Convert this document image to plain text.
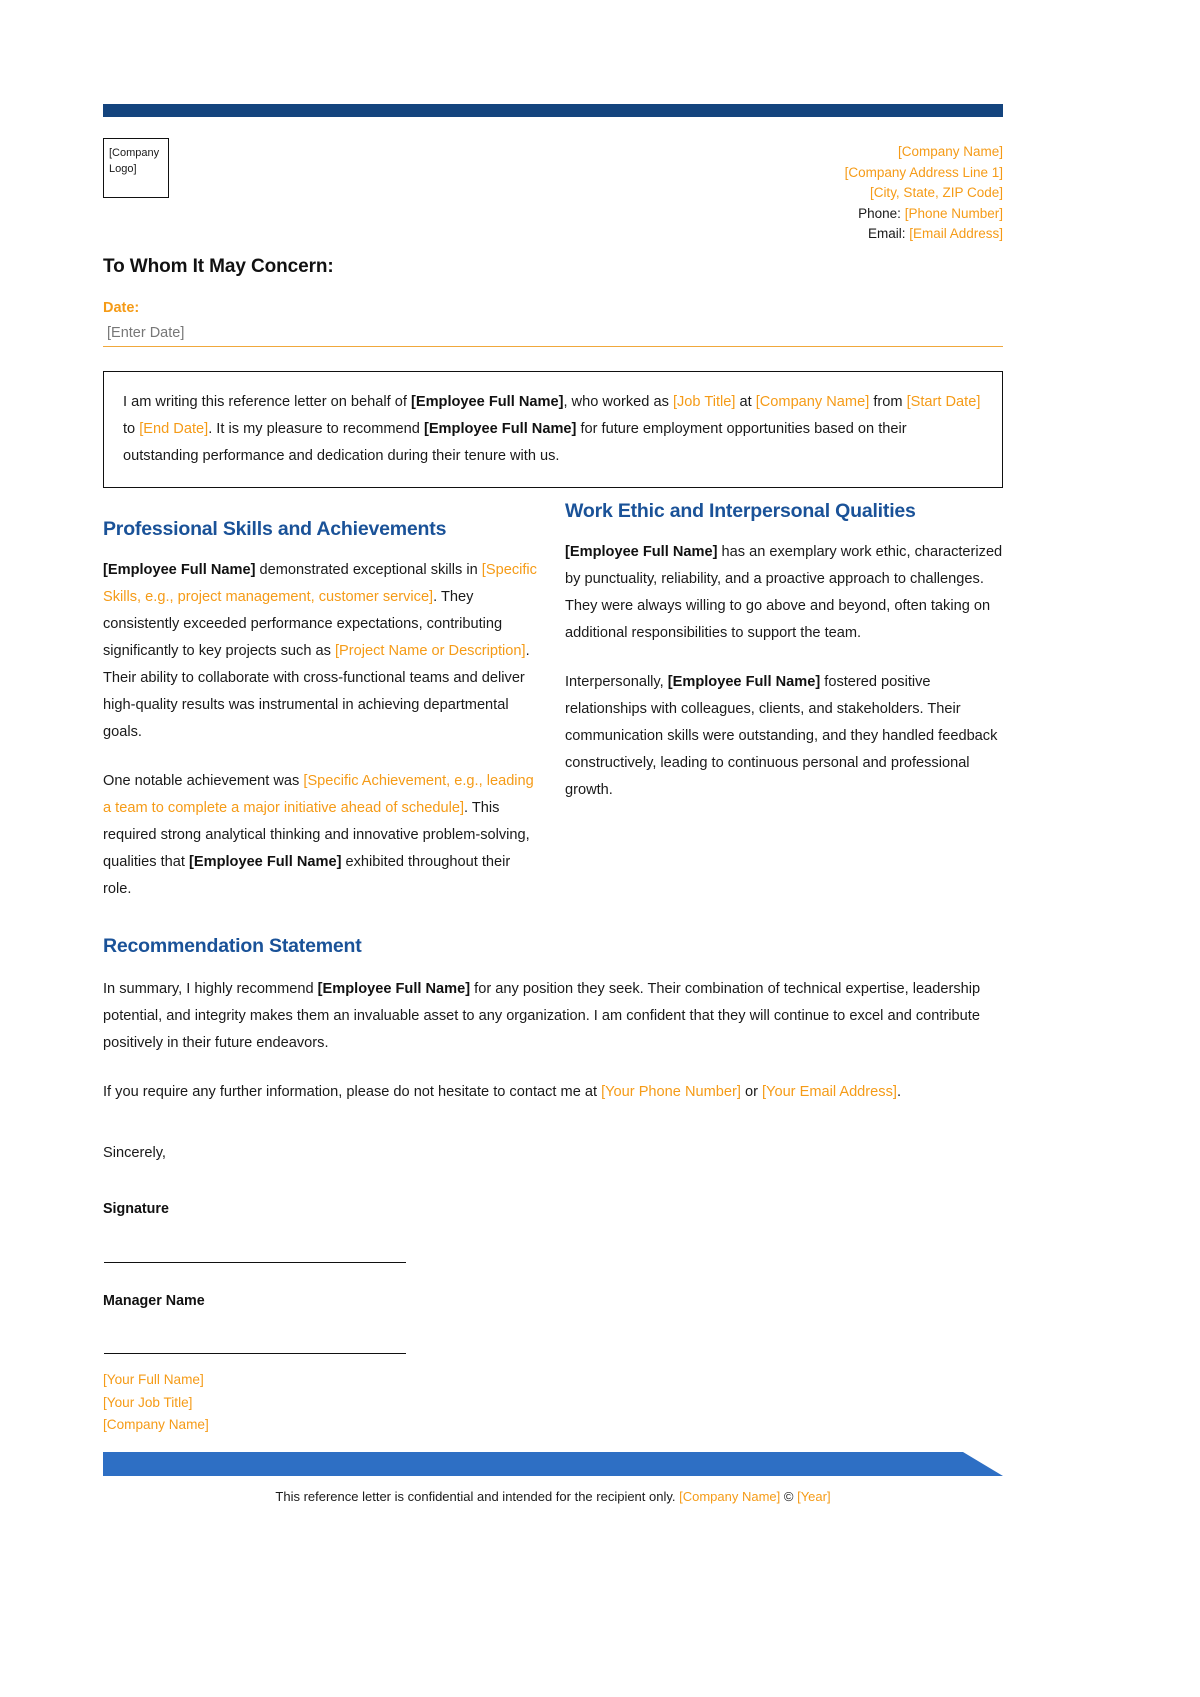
[Company
Logo]
[Company Name]
[Company Address Line 1]
[City, State, ZIP Code]
Phone: [Phone Number]
Email: [Email Address]
To Whom It May Concern:
Date:
[Enter Date]

I am writing this reference letter on behalf of [Employee Full Name], who worked as [Job Title] at [Company Name] from [Start Date] to [End Date]. It is my pleasure to recommend [Employee Full Name] for future employment opportunities based on their outstanding performance and dedication during their tenure with us.

Professional Skills and Achievements

[Employee Full Name] demonstrated exceptional skills in [Specific Skills, e.g., project management, customer service]. They consistently exceeded performance expectations, contributing significantly to key projects such as [Project Name or Description]. Their ability to collaborate with cross-functional teams and deliver high-quality results was instrumental in achieving departmental goals.

One notable achievement was [Specific Achievement, e.g., leading a team to complete a major initiative ahead of schedule]. This required strong analytical thinking and innovative problem-solving, qualities that [Employee Full Name] exhibited throughout their role.

Work Ethic and Interpersonal Qualities

[Employee Full Name] has an exemplary work ethic, characterized by punctuality, reliability, and a proactive approach to challenges. They were always willing to go above and beyond, often taking on additional responsibilities to support the team.

Interpersonally, [Employee Full Name] fostered positive relationships with colleagues, clients, and stakeholders. Their communication skills were outstanding, and they handled feedback constructively, leading to continuous personal and professional growth.

Recommendation Statement

In summary, I highly recommend [Employee Full Name] for any position they seek. Their combination of technical expertise, leadership potential, and integrity makes them an invaluable asset to any organization. I am confident that they will continue to excel and contribute positively in their future endeavors.

If you require any further information, please do not hesitate to contact me at [Your Phone Number] or [Your Email Address].

Sincerely,
Signature
Manager Name
[Your Full Name]
[Your Job Title]
[Company Name]
This reference letter is confidential and intended for the recipient only. [Company Name] © [Year]
